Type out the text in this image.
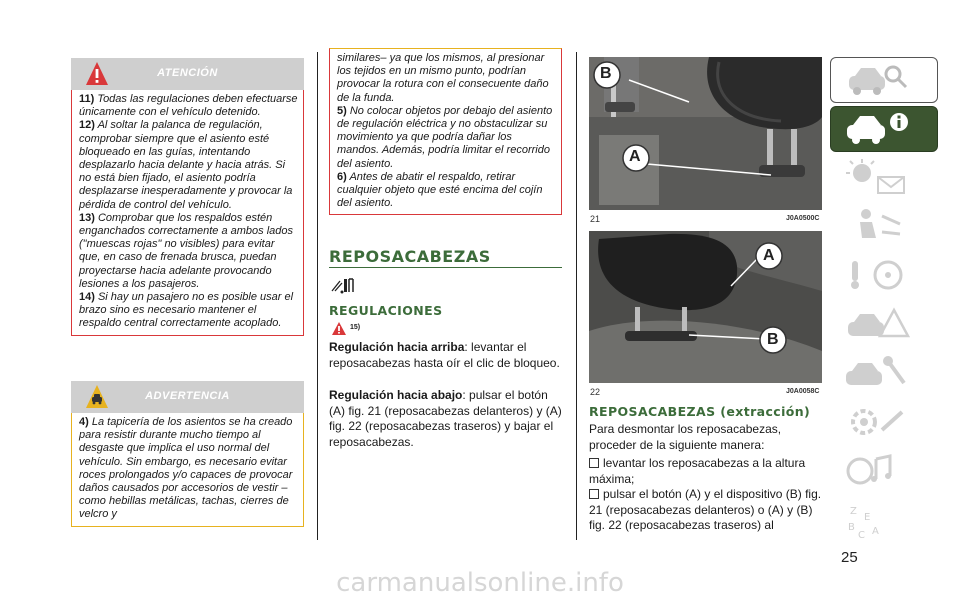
ATENCIÓN

11) Todas las regulaciones deben efectuarse únicamente con el vehículo detenido.

12) Al soltar la palanca de regulación, comprobar siempre que el asiento esté bloqueado en las guías, intentando desplazarlo hacia delante y hacia atrás. Si no está bien fijado, el asiento podría desplazarse inesperadamente y provocar la pérdida de control del vehículo.

13) Comprobar que los respaldos estén enganchados correctamente a ambos lados ("muescas rojas" no visibles) para evitar que, en caso de frenada brusca, puedan proyectarse hacia adelante provocando lesiones a los pasajeros.

14) Si hay un pasajero no es posible usar el brazo sino es necesario mantener el respaldo central correctamente acoplado.

ADVERTENCIA

4) La tapicería de los asientos se ha creado para resistir durante mucho tiempo al desgaste que implica el uso normal del vehículo. Sin embargo, es necesario evitar roces prolongados y/o capaces de provocar daños causados por accesorios de vestir –como hebillas metálicas, tachas, cierres de velcro y

similares– ya que los mismos, al presionar los tejidos en un mismo punto, podrían provocar la rotura con el consecuente daño de la funda.

5) No colocar objetos por debajo del asiento de regulación eléctrica y no obstaculizar su movimiento ya que podría dañar los mandos. Además, podría limitar el recorrido del asiento.

6) Antes de abatir el respaldo, retirar cualquier objeto que esté encima del cojín del asiento.

REPOSACABEZAS
REGULACIONES
15)
Regulación hacia arriba: levantar el reposacabezas hasta oír el clic de bloqueo.
Regulación hacia abajo: pulsar el botón (A) fig. 21 (reposacabezas delanteros) y (A) fig. 22 (reposacabezas traseros) y bajar el reposacabezas.
B
A
21	J0A0500C
A
B
22	J0A0058C
REPOSACABEZAS (extracción)
Para desmontar los reposacabezas, proceder de la siguiente manera:
levantar los reposacabezas a la altura máxima;
pulsar el botón (A) y el dispositivo (B) fig. 21 (reposacabezas delanteros) o (A) y (B) fig. 22 (reposacabezas traseros) al
Z
E
B
C A
25
carmanualsonline.info
